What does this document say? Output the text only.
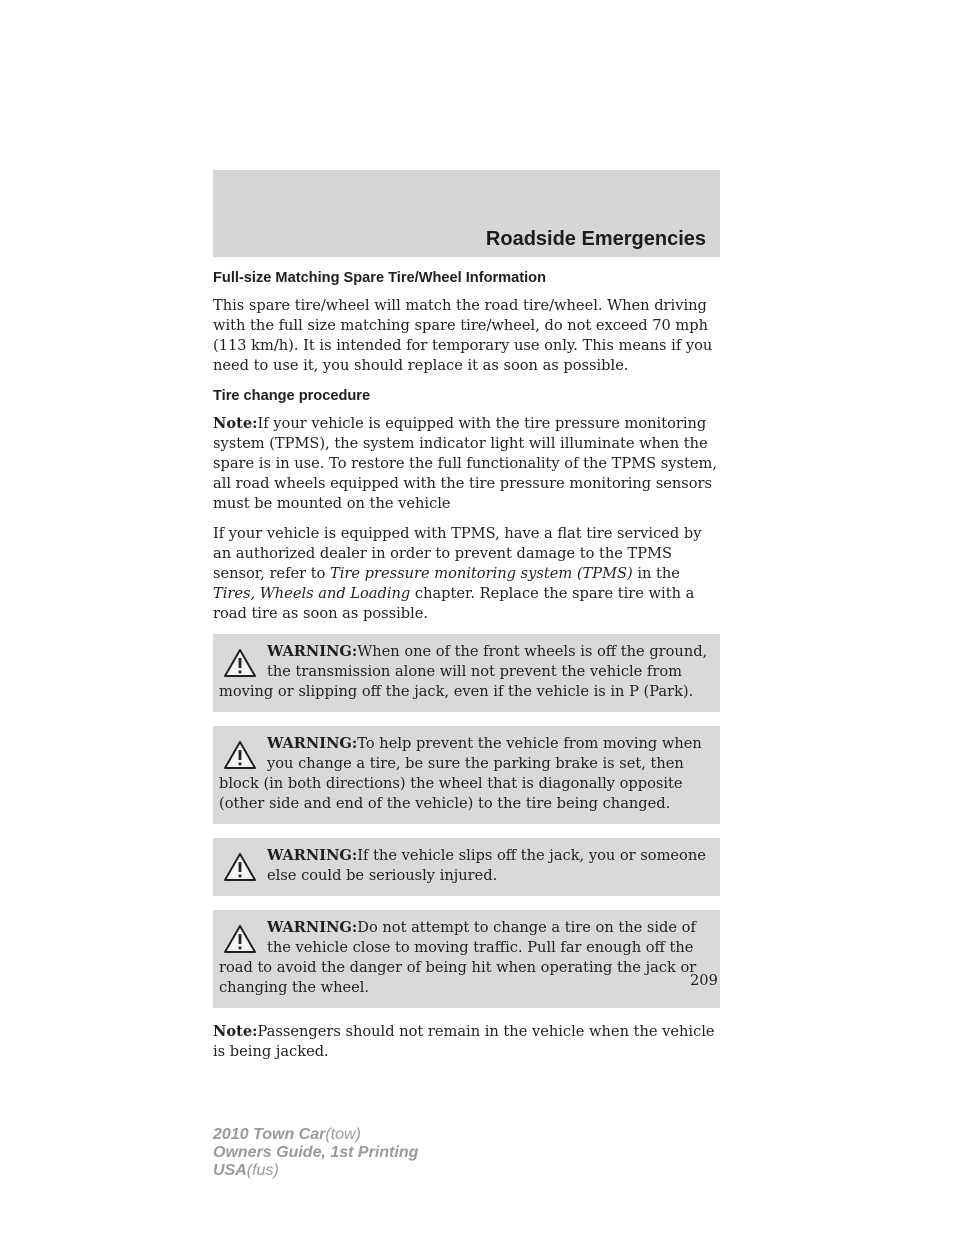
Roadside Emergencies
Full-size Matching Spare Tire/Wheel Information

This spare tire/wheel will match the road tire/wheel. When driving with the full size matching spare tire/wheel, do not exceed 70 mph (113 km/h). It is intended for temporary use only. This means if you need to use it, you should replace it as soon as possible.

Tire change procedure

Note:If your vehicle is equipped with the tire pressure monitoring system (TPMS), the system indicator light will illuminate when the spare is in use. To restore the full functionality of the TPMS system, all road wheels equipped with the tire pressure monitoring sensors must be mounted on the vehicle

If your vehicle is equipped with TPMS, have a flat tire serviced by an authorized dealer in order to prevent damage to the TPMS sensor, refer to Tire pressure monitoring system (TPMS) in the Tires, Wheels and Loading chapter. Replace the spare tire with a road tire as soon as possible.

WARNING:When one of the front wheels is off the ground, the transmission alone will not prevent the vehicle from moving or slipping off the jack, even if the vehicle is in P (Park).
WARNING:To help prevent the vehicle from moving when you change a tire, be sure the parking brake is set, then block (in both directions) the wheel that is diagonally opposite (other side and end of the vehicle) to the tire being changed.
WARNING:If the vehicle slips off the jack, you or someone else could be seriously injured.
WARNING:Do not attempt to change a tire on the side of the vehicle close to moving traffic. Pull far enough off the road to avoid the danger of being hit when operating the jack or changing the wheel.

Note:Passengers should not remain in the vehicle when the vehicle is being jacked.

209
2010 Town Car(tow)
Owners Guide, 1st Printing
USA(fus)
